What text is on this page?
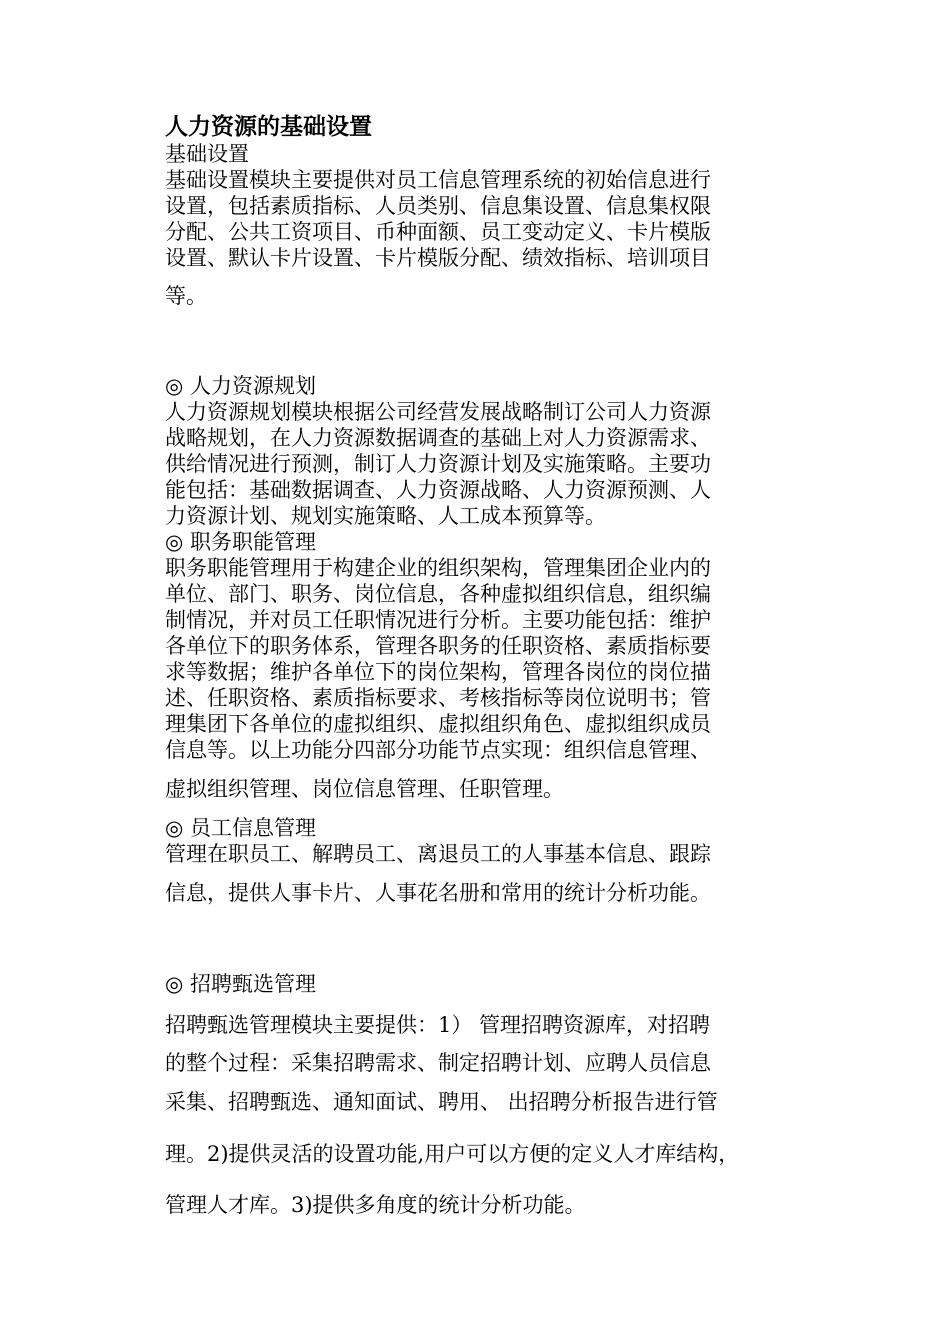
人力资源的基础设置
基础设置
基础设置模块主要提供对员工信息管理系统的初始信息进行
设置，包括素质指标、人员类别、信息集设置、信息集权限
分配、公共工资项目、币种面额、员工变动定义、卡片模版
设置、默认卡片设置、卡片模版分配、绩效指标、培训项目
等。
◎ 人力资源规划
人力资源规划模块根据公司经营发展战略制订公司人力资源
战略规划，在人力资源数据调查的基础上对人力资源需求、
供给情况进行预测，制订人力资源计划及实施策略。主要功
能包括：基础数据调查、人力资源战略、人力资源预测、人
力资源计划、规划实施策略、人工成本预算等。
◎ 职务职能管理
职务职能管理用于构建企业的组织架构，管理集团企业内的
单位、部门、职务、岗位信息，各种虚拟组织信息，组织编
制情况，并对员工任职情况进行分析。主要功能包括：维护
各单位下的职务体系，管理各职务的任职资格、素质指标要
求等数据；维护各单位下的岗位架构，管理各岗位的岗位描
述、任职资格、素质指标要求、考核指标等岗位说明书；管
理集团下各单位的虚拟组织、虚拟组织角色、虚拟组织成员
信息等。以上功能分四部分功能节点实现：组织信息管理、
虚拟组织管理、岗位信息管理、任职管理。
◎ 员工信息管理
管理在职员工、解聘员工、离退员工的人事基本信息、跟踪
信息，提供人事卡片、人事花名册和常用的统计分析功能。
◎ 招聘甄选管理
招聘甄选管理模块主要提供：1） 管理招聘资源库，对招聘
的整个过程：采集招聘需求、制定招聘计划、应聘人员信息
采集、招聘甄选、通知面试、聘用、 出招聘分析报告进行管
理。2)提供灵活的设置功能,用户可以方便的定义人才库结构，
管理人才库。3)提供多角度的统计分析功能。
